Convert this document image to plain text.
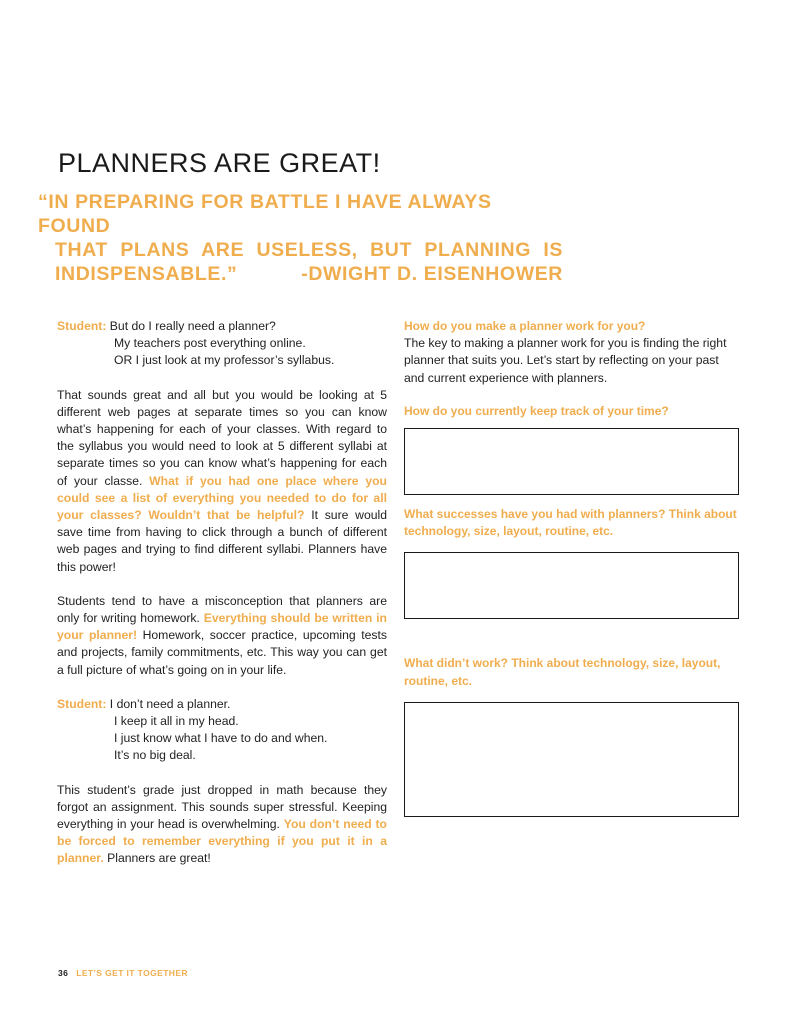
PLANNERS ARE GREAT!
“IN PREPARING FOR BATTLE I HAVE ALWAYS FOUND
THAT PLANS ARE USELESS, BUT PLANNING IS
INDISPENSABLE.”	-DWIGHT D. EISENHOWER
Student: But do I really need a planner?
My teachers post everything online.
OR I just look at my professor’s syllabus.

That sounds great and all but you would be looking at 5 different web pages at separate times so you can know what’s happening for each of your classes. With regard to the syllabus you would need to look at 5 different syllabi at separate times so you can know what’s happening for each of your classe. What if you had one place where you could see a list of everything you needed to do for all your classes? Wouldn’t that be helpful? It sure would save time from having to click through a bunch of different web pages and trying to find different syllabi. Planners have this power!

Students tend to have a misconception that planners are only for writing homework. Everything should be written in your planner! Homework, soccer practice, upcoming tests and projects, family commitments, etc. This way you can get a full picture of what’s going on in your life.

Student: I don’t need a planner.
I keep it all in my head.
I just know what I have to do and when.
It’s no big deal.

This student’s grade just dropped in math because they forgot an assignment. This sounds super stressful. Keeping everything in your head is overwhelming. You don’t need to be forced to remember everything if you put it in a planner. Planners are great!

How do you make a planner work for you?

The key to making a planner work for you is finding the right planner that suits you. Let’s start by reflecting on your past and current experience with planners.

How do you currently keep track of your time?

What successes have you had with planners? Think about technology, size, layout, routine, etc.

What didn’t work? Think about technology, size, layout, routine, etc.

36 LET’S GET IT TOGETHER
